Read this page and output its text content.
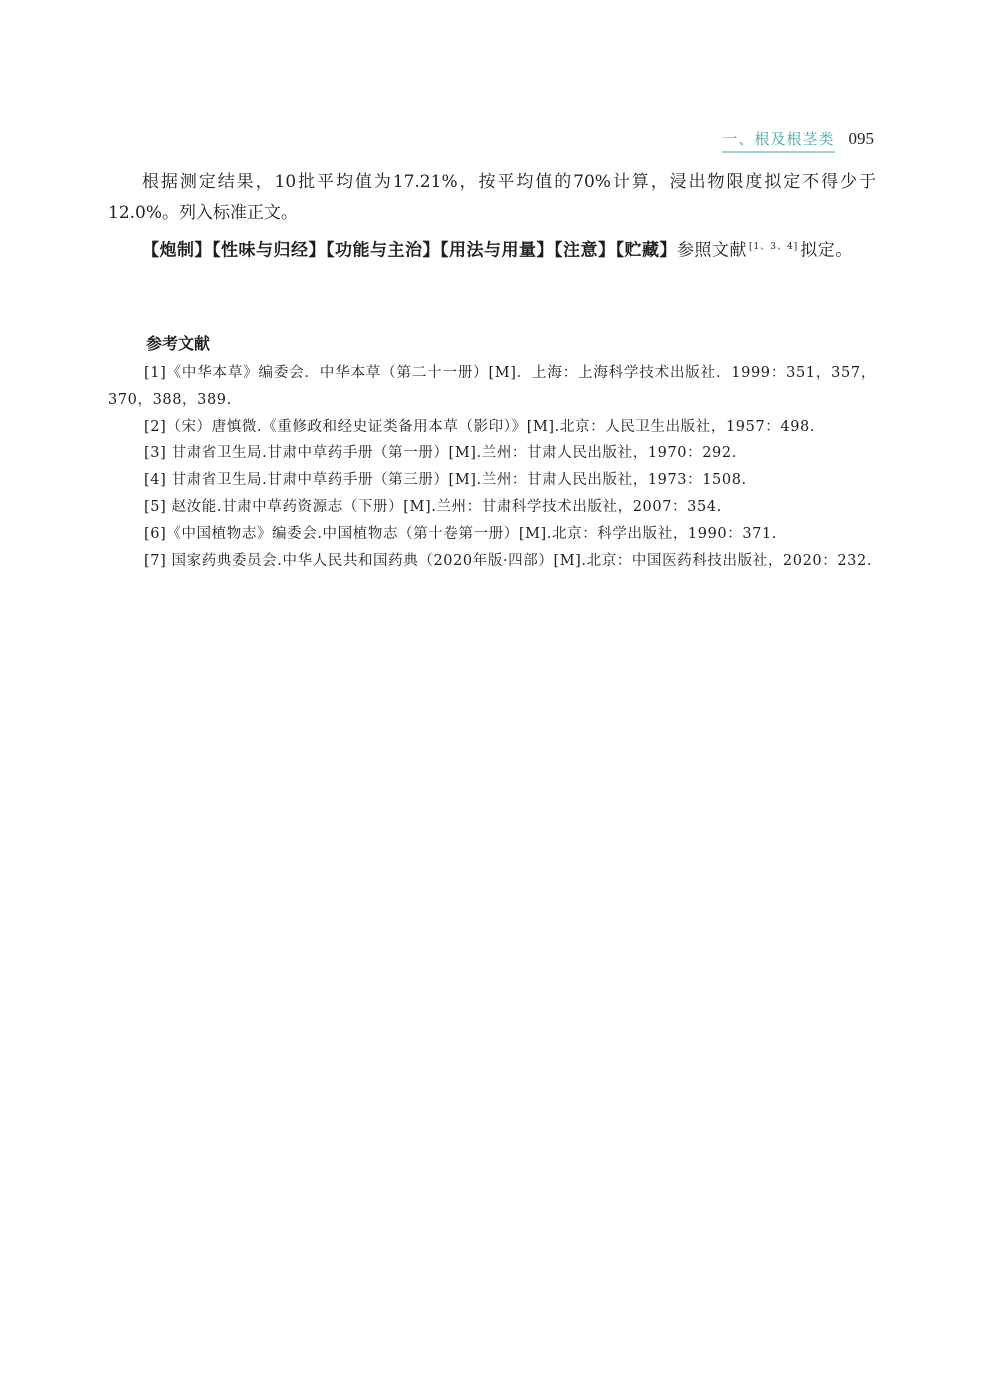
一、根及根茎类 095
根据测定结果，10批平均值为17.21%，按平均值的70%计算，浸出物限度拟定不得少于12.0%。列入标准正文。
【炮制】【性味与归经】【功能与主治】【用法与用量】【注意】【贮藏】参照文献 [1、3、4] 拟定。
参考文献
[1]《中华本草》编委会．中华本草（第二十一册）[M]．上海：上海科学技术出版社．1999：351，357，370，388，389.
[2]（宋）唐慎微.《重修政和经史证类备用本草（影印）》[M].北京：人民卫生出版社，1957：498.
[3] 甘肃省卫生局.甘肃中草药手册（第一册）[M].兰州：甘肃人民出版社，1970：292.
[4] 甘肃省卫生局.甘肃中草药手册（第三册）[M].兰州：甘肃人民出版社，1973：1508.
[5] 赵汝能.甘肃中草药资源志（下册）[M].兰州：甘肃科学技术出版社，2007：354.
[6]《中国植物志》编委会.中国植物志（第十卷第一册）[M].北京：科学出版社，1990：371.
[7] 国家药典委员会.中华人民共和国药典（2020年版·四部）[M].北京：中国医药科技出版社，2020：232.
